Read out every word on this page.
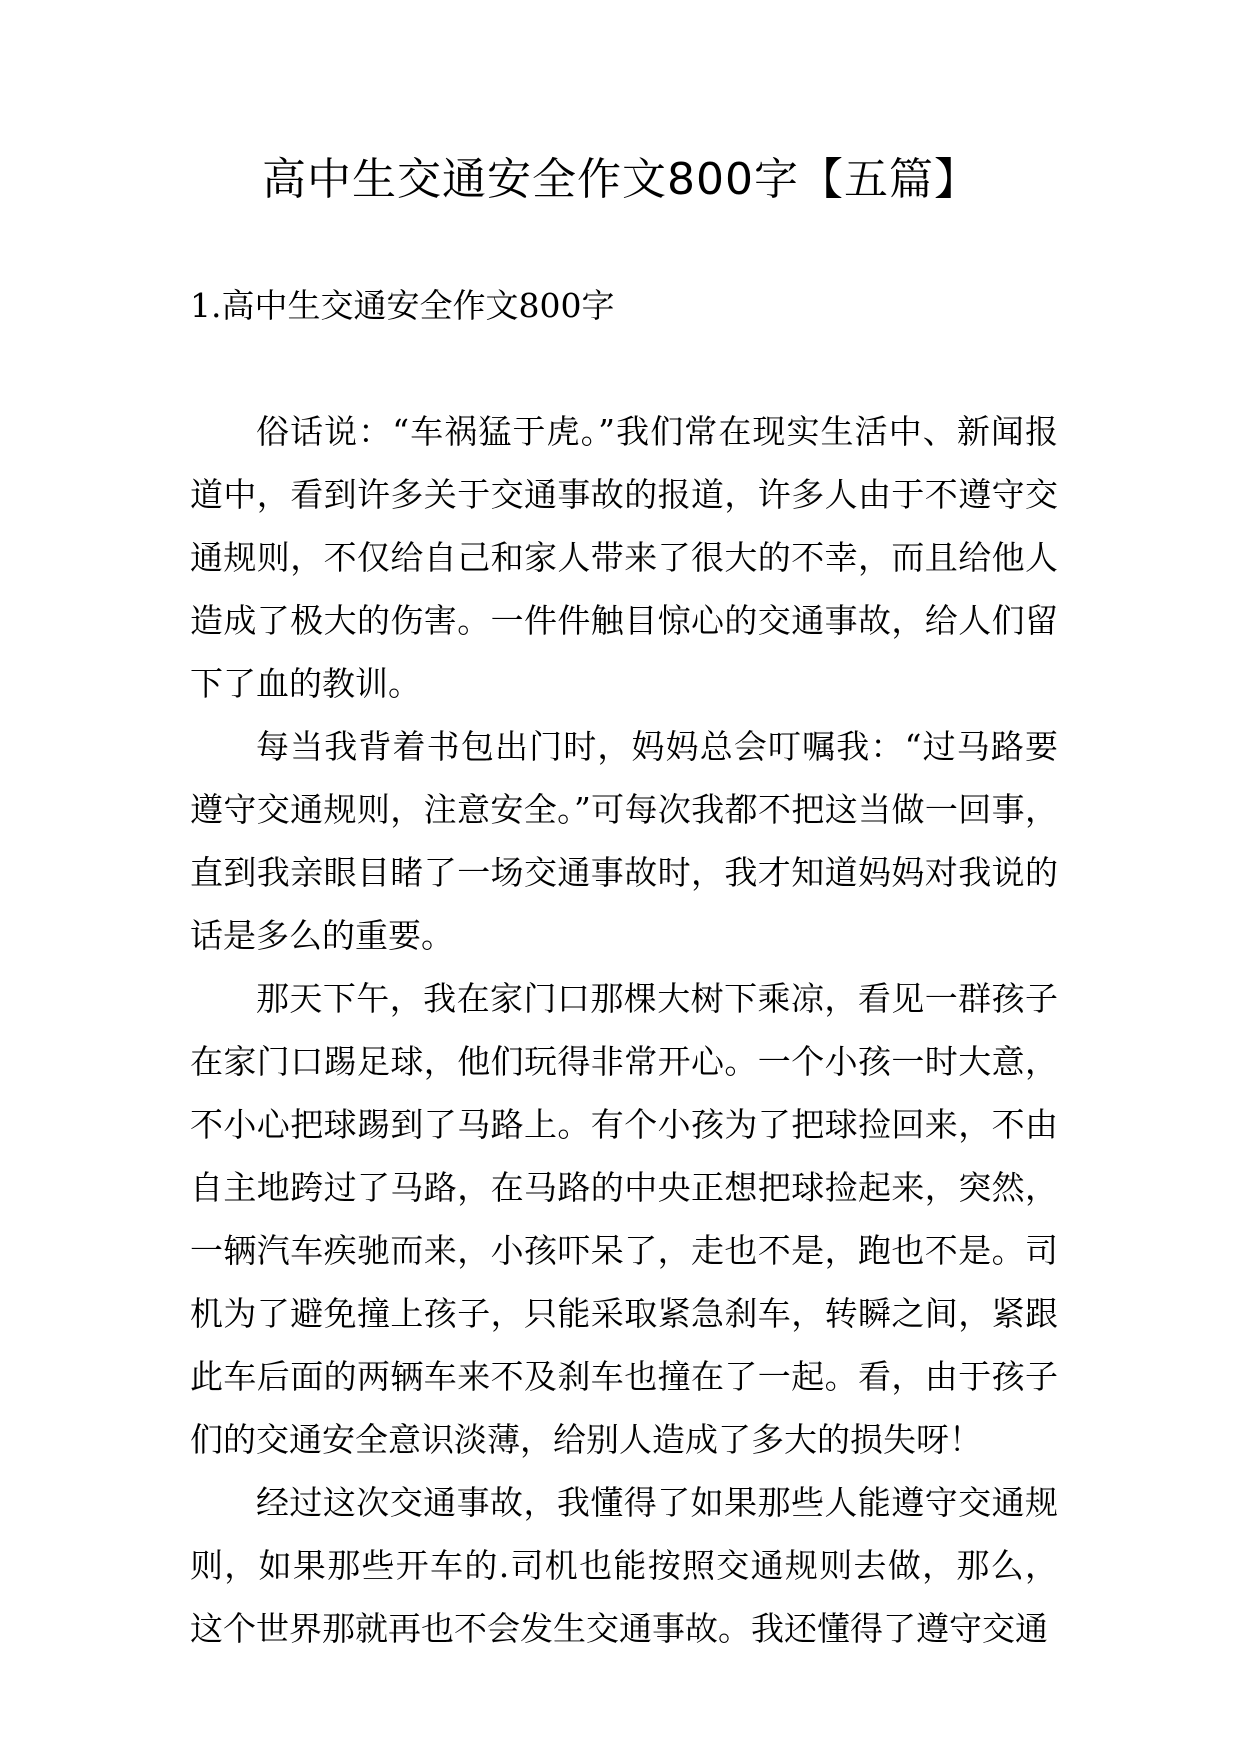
高中生交通安全作文800字【五篇】
1.高中生交通安全作文800字

俗话说：“车祸猛于虎。”我们常在现实生活中、新闻报道中，看到许多关于交通事故的报道，许多人由于不遵守交通规则，不仅给自己和家人带来了很大的不幸，而且给他人造成了极大的伤害。一件件触目惊心的交通事故，给人们留下了血的教训。

每当我背着书包出门时，妈妈总会叮嘱我：“过马路要遵守交通规则，注意安全。”可每次我都不把这当做一回事，直到我亲眼目睹了一场交通事故时，我才知道妈妈对我说的话是多么的重要。

那天下午，我在家门口那棵大树下乘凉，看见一群孩子在家门口踢足球，他们玩得非常开心。一个小孩一时大意，不小心把球踢到了马路上。有个小孩为了把球捡回来，不由自主地跨过了马路，在马路的中央正想把球捡起来，突然，一辆汽车疾驰而来，小孩吓呆了，走也不是，跑也不是。司机为了避免撞上孩子，只能采取紧急刹车，转瞬之间，紧跟此车后面的两辆车来不及刹车也撞在了一起。看，由于孩子们的交通安全意识淡薄，给别人造成了多大的损失呀！

经过这次交通事故，我懂得了如果那些人能遵守交通规则，如果那些开车的.司机也能按照交通规则去做，那么，这个世界那就再也不会发生交通事故。我还懂得了遵守交通
